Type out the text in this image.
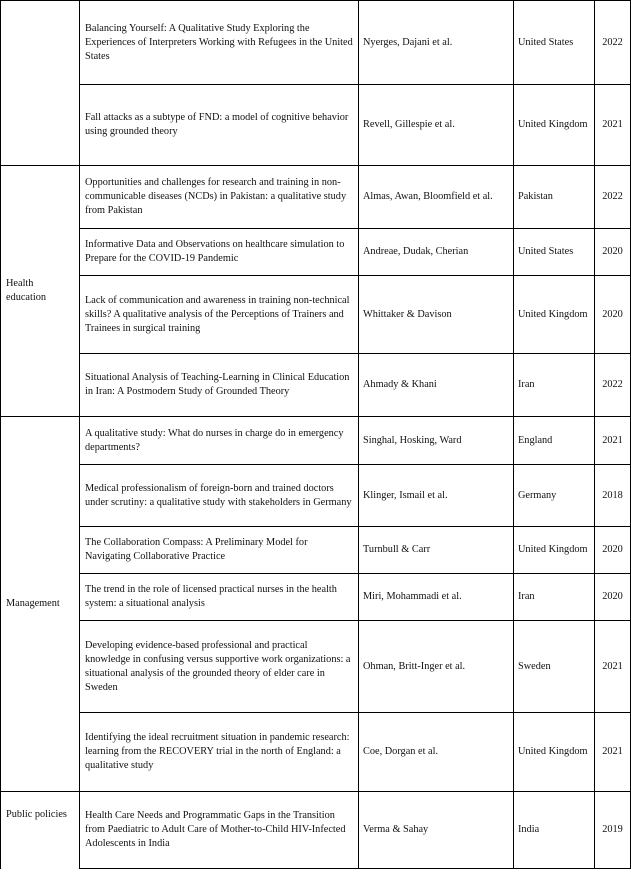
	Balancing Yourself: A Qualitative Study Exploring the Experiences of Interpreters Working with Refugees in the United States	Nyerges, Dajani et al.	United States	2022
	Fall attacks as a subtype of FND: a model of cognitive behavior using grounded theory	Revell, Gillespie et al.	United Kingdom	2021
Health education	Opportunities and challenges for research and training in non-communicable diseases (NCDs) in Pakistan: a qualitative study from Pakistan	Almas, Awan, Bloomfield et al.	Pakistan	2022
	Informative Data and Observations on healthcare simulation to Prepare for the COVID-19 Pandemic	Andreae, Dudak, Cherian	United States	2020
	Lack of communication and awareness in training non-technical skills? A qualitative analysis of the Perceptions of Trainers and Trainees in surgical training	Whittaker & Davison	United Kingdom	2020
	Situational Analysis of Teaching-Learning in Clinical Education in Iran: A Postmodern Study of Grounded Theory	Ahmady & Khani	Iran	2022
Management	A qualitative study: What do nurses in charge do in emergency departments?	Singhal, Hosking, Ward	England	2021
	Medical professionalism of foreign-born and trained doctors under scrutiny: a qualitative study with stakeholders in Germany	Klinger, Ismail et al.	Germany	2018
	The Collaboration Compass: A Preliminary Model for Navigating Collaborative Practice	Turnbull & Carr	United Kingdom	2020
	The trend in the role of licensed practical nurses in the health system: a situational analysis	Miri, Mohammadi et al.	Iran	2020
	Developing evidence-based professional and practical knowledge in confusing versus supportive work organizations: a situational analysis of the grounded theory of elder care in Sweden	Ohman, Britt-Inger et al.	Sweden	2021
	Identifying the ideal recruitment situation in pandemic research: learning from the RECOVERY trial in the north of England: a qualitative study	Coe, Dorgan et al.	United Kingdom	2021
Public policies	Health Care Needs and Programmatic Gaps in the Transition from Paediatric to Adult Care of Mother-to-Child HIV-Infected Adolescents in India	Verma & Sahay	India	2019
